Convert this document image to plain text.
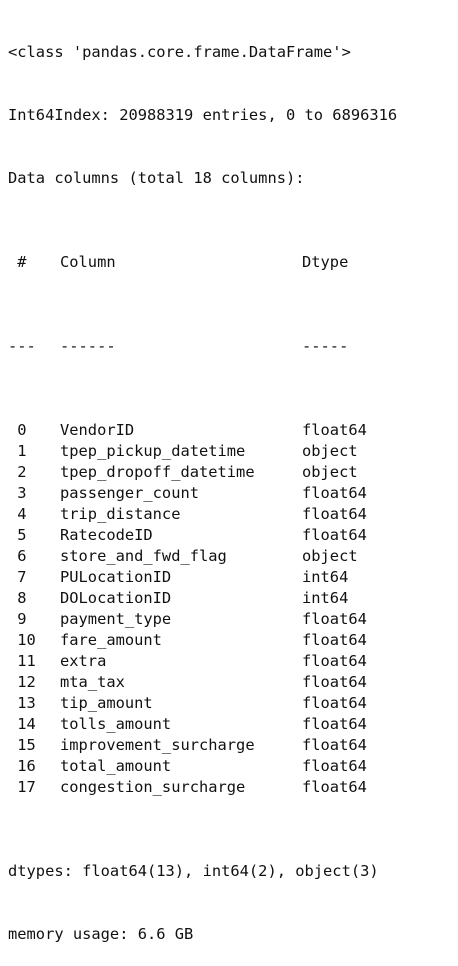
<class 'pandas.core.frame.DataFrame'>

Int64Index: 20988319 entries, 0 to 6896316

Data columns (total 18 columns):

# Column	Dtype

--- ------	-----

0 VendorID	float64
1 tpep_pickup_datetime	object
2 tpep_dropoff_datetime	object
3 passenger_count	float64
4 trip_distance	float64
5 RatecodeID	float64
6 store_and_fwd_flag	object
7 PULocationID	int64
8 DOLocationID	int64
9 payment_type	float64
10 fare_amount	float64
11 extra	float64
12 mta_tax	float64
13 tip_amount	float64
14 tolls_amount	float64
15 improvement_surcharge	float64
16 total_amount	float64
17 congestion_surcharge	float64

dtypes: float64(13), int64(2), object(3)

memory usage: 6.6 GB
